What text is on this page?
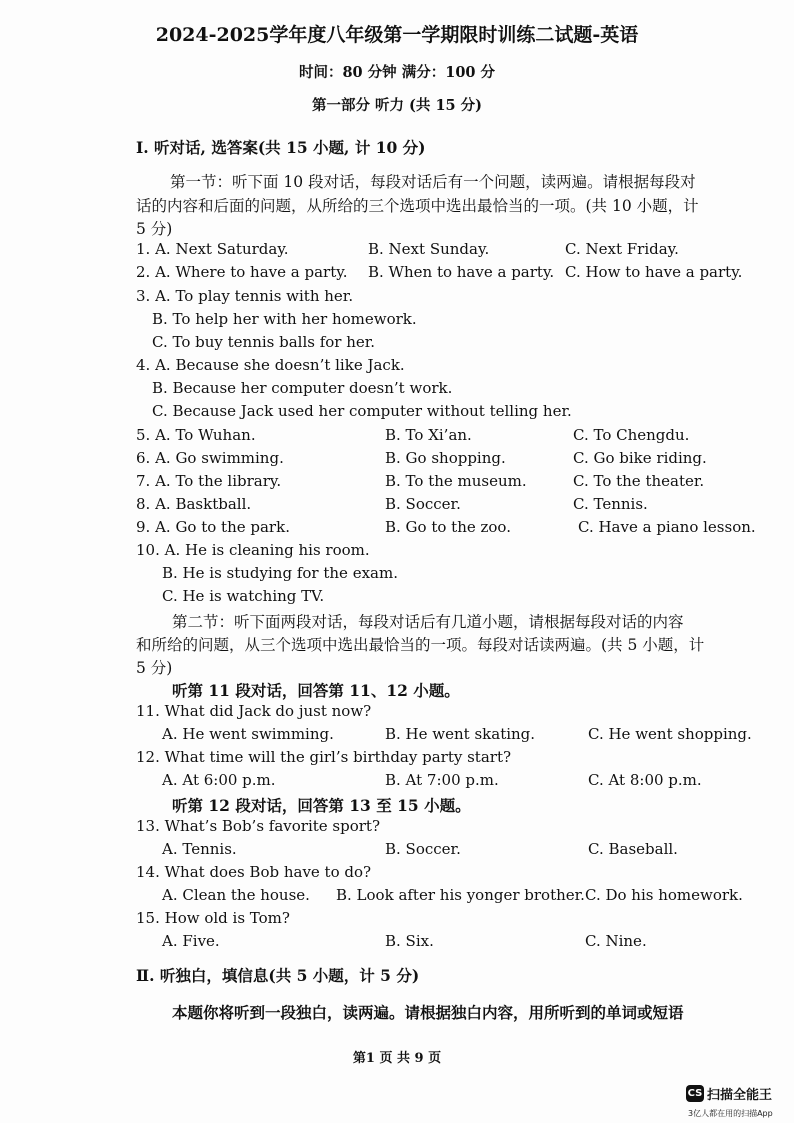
2024-2025学年度八年级第一学期限时训练二试题-英语
时间：80 分钟 满分：100 分
第一部分 听力 (共 15 分)
Ⅰ. 听对话, 选答案(共 15 小题, 计 10 分)
第一节：听下面 10 段对话，每段对话后有一个问题，读两遍。请根据每段对
话的内容和后面的问题，从所给的三个选项中选出最恰当的一项。(共 10 小题，计
5 分)
1. A. Next Saturday.	B. Next Sunday.	C. Next Friday.
2. A. Where to have a party. B. When to have a party. C. How to have a party.
3. A. To play tennis with her.
B. To help her with her homework.
C. To buy tennis balls for her.
4. A. Because she doesn’t like Jack.
B. Because her computer doesn’t work.
C. Because Jack used her computer without telling her.
5. A. To Wuhan.	B. To Xi’an.	C. To Chengdu.
6. A. Go swimming.	B. Go shopping.	C. Go bike riding.
7. A. To the library.	B. To the museum.	C. To the theater.
8. A. Basktball.	B. Soccer.	C. Tennis.
9. A. Go to the park.	B. Go to the zoo.	C. Have a piano lesson.
10. A. He is cleaning his room.
B. He is studying for the exam.
C. He is watching TV.
第二节：听下面两段对话，每段对话后有几道小题，请根据每段对话的内容
和所给的问题，从三个选项中选出最恰当的一项。每段对话读两遍。(共 5 小题，计
5 分)
听第 11 段对话，回答第 11、12 小题。
11. What did Jack do just now?
A. He went swimming.	B. He went skating.	C. He went shopping.
12. What time will the girl’s birthday party start?
A. At 6:00 p.m.	B. At 7:00 p.m.	C. At 8:00 p.m.
听第 12 段对话，回答第 13 至 15 小题。
13. What’s Bob’s favorite sport?
A. Tennis.	B. Soccer.	C. Baseball.
14. What does Bob have to do?
A. Clean the house. B. Look after his yonger brother. C. Do his homework.
15. How old is Tom?
A. Five.	B. Six.	C. Nine.
Ⅱ. 听独白，填信息(共 5 小题，计 5 分)
本题你将听到一段独白，读两遍。请根据独白内容，用所听到的单词或短语
第1 页 共 9 页
CS 扫描全能王
3亿人都在用的扫描App
